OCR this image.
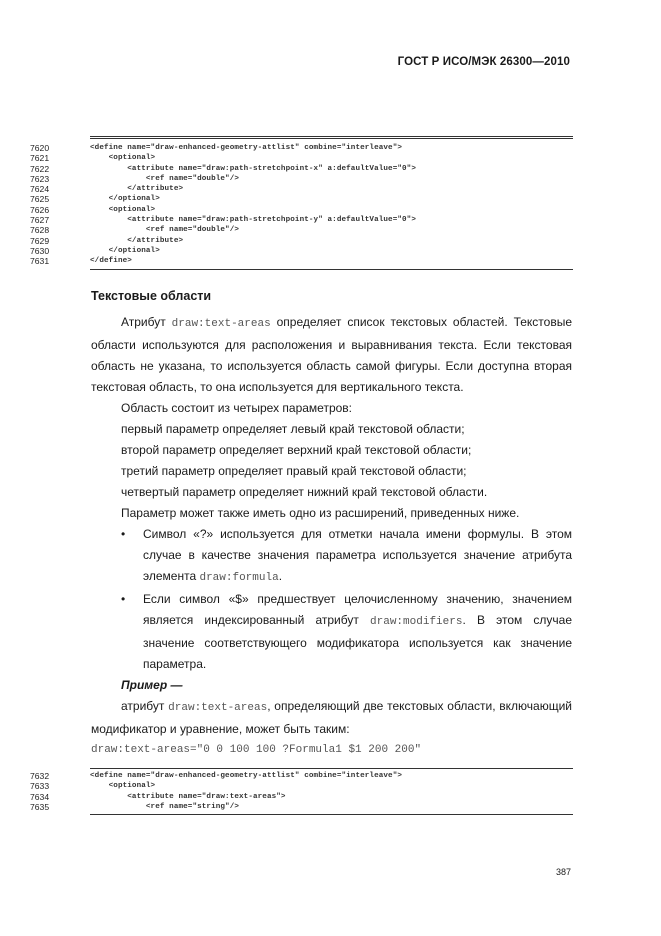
ГОСТ Р ИСО/МЭК 26300—2010
7620	<define name="draw-enhanced-geometry-attlist" combine="interleave">
7621	<optional>
7622	<attribute name="draw:path-stretchpoint-x" a:defaultValue="0">
7623	<ref name="double"/>
7624	</attribute>
7625	</optional>
7626	<optional>
7627	<attribute name="draw:path-stretchpoint-y" a:defaultValue="0">
7628	<ref name="double"/>
7629	</attribute>
7630	</optional>
7631	</define>
Текстовые области

Атрибут draw:text-areas определяет список текстовых областей. Текстовые области используются для расположения и выравнивания текста. Если текстовая область не указана, то используется область самой фигуры. Если доступна вторая текстовая область, то она используется для вертикального текста.

Область состоит из четырех параметров:

первый параметр определяет левый край текстовой области;

второй параметр определяет верхний край текстовой области;

третий параметр определяет правый край текстовой области;

четвертый параметр определяет нижний край текстовой области.

Параметр может также иметь одно из расширений, приведенных ниже.

• Символ «?» используется для отметки начала имени формулы. В этом случае в качестве значения параметра используется значение атрибута элемента draw:formula.

• Если символ «$» предшествует целочисленному значению, значением является индексированный атрибут draw:modifiers. В этом случае значение соответствующего модификатора используется как значение параметра.

Пример —

атрибут draw:text-areas, определяющий две текстовых области, включающий модификатор и уравнение, может быть таким:

draw:text-areas="0 0 100 100 ?Formula1 $1 200 200"

7632	<define name="draw-enhanced-geometry-attlist" combine="interleave">
7633	<optional>
7634	<attribute name="draw:text-areas">
7635	<ref name="string"/>
387
